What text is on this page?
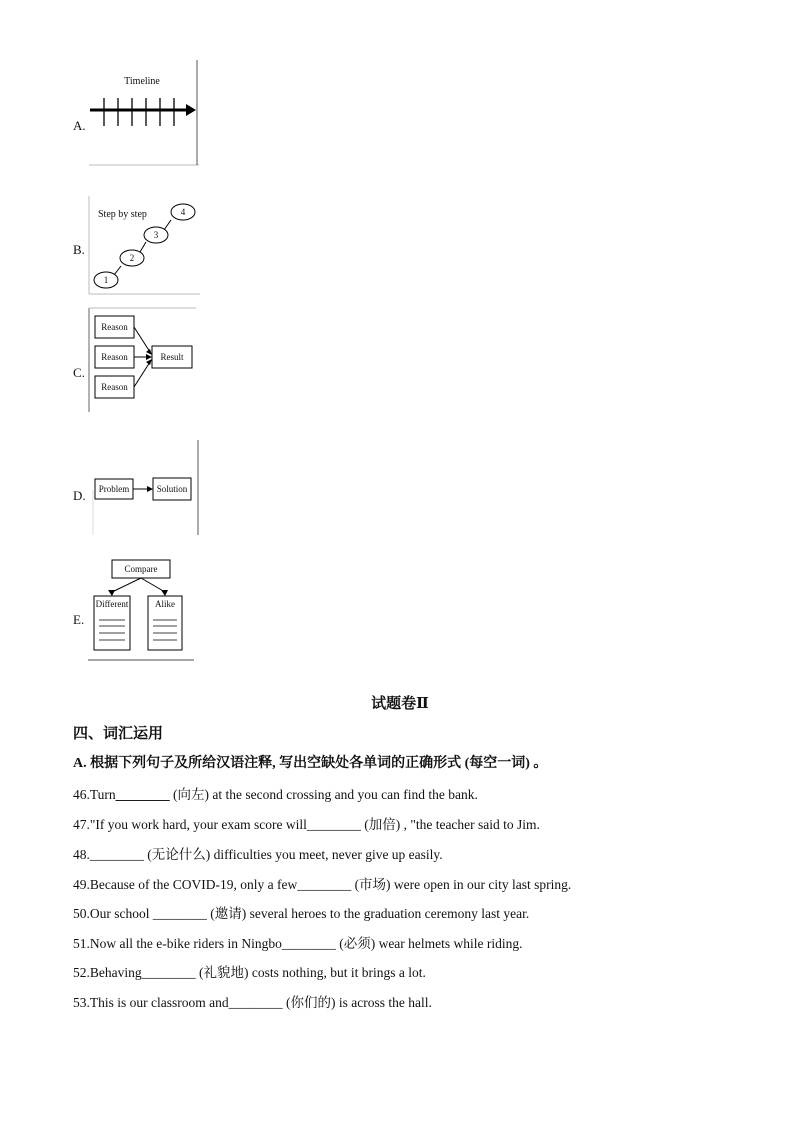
A.
B.
C.
D.
E.
Timeline
Step by step
1
2
3
4
Reason
Reason
Reason
Result
Problem	Solution
Compare
Different	Alike
试题卷Ⅱ
四、词汇运用
A. 根据下列句子及所给汉语注释, 写出空缺处各单词的正确形式 (每空一词) 。
46.Turn________ (向左) at the second crossing and you can find the bank.
47."If you work hard, your exam score will________ (加倍) , "the teacher said to Jim.
48.________ (无论什么) difficulties you meet, never give up easily.
49.Because of the COVID-19, only a few________ (市场) were open in our city last spring.
50.Our school ________ (邀请) several heroes to the graduation ceremony last year.
51.Now all the e-bike riders in Ningbo________ (必须) wear helmets while riding.
52.Behaving________ (礼貌地) costs nothing, but it brings a lot.
53.This is our classroom and________ (你们的) is across the hall.
